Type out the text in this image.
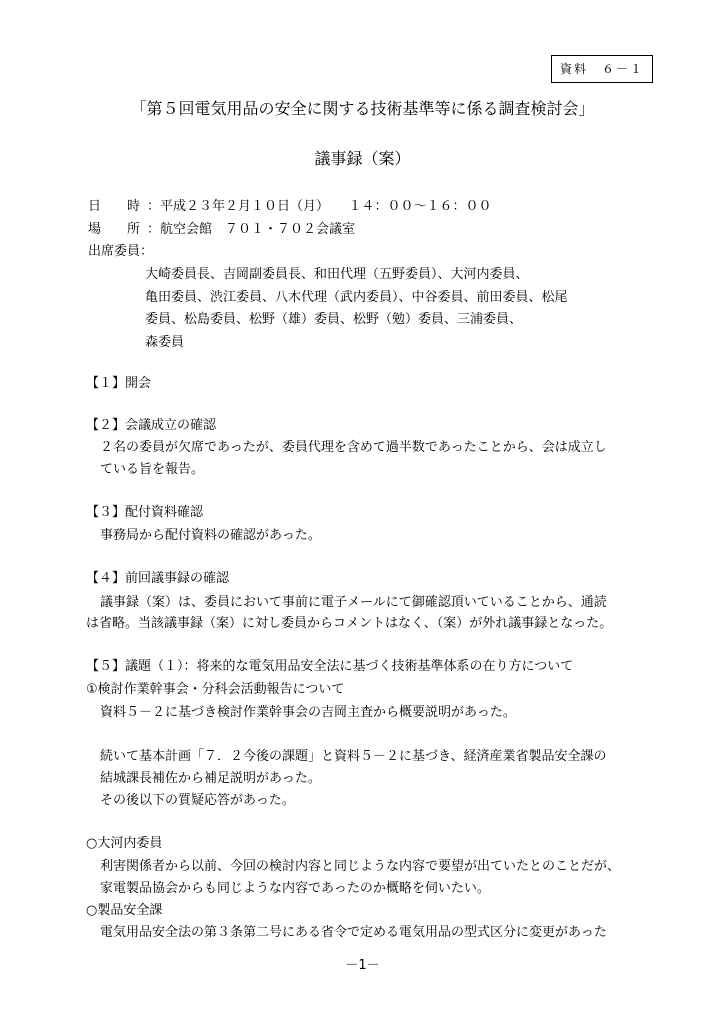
資料　６－１
「第５回電気用品の安全に関する技術基準等に係る調査検討会」
議事録（案）
日　　時 ：平成２３年２月１０日（月）　　１４：００～１６：００
場　　所 ：航空会館　７０１・７０２会議室
出席委員：
大崎委員長、吉岡副委員長、和田代理（五野委員）、大河内委員、
亀田委員、渋江委員、八木代理（武内委員）、中谷委員、前田委員、松尾
委員、松島委員、松野（雄）委員、松野（勉）委員、三浦委員、
森委員
【１】開会
【２】会議成立の確認
２名の委員が欠席であったが、委員代理を含めて過半数であったことから、会は成立し
ている旨を報告。
【３】配付資料確認
事務局から配付資料の確認があった。
【４】前回議事録の確認
議事録（案）は、委員において事前に電子メールにて御確認頂いていることから、通読
は省略。当該議事録（案）に対し委員からコメントはなく、（案）が外れ議事録となった。
【５】議題（１）：将来的な電気用品安全法に基づく技術基準体系の在り方について
①検討作業幹事会・分科会活動報告について
資料５－２に基づき検討作業幹事会の吉岡主査から概要説明があった。
続いて基本計画「７．２今後の課題」と資料５－２に基づき、経済産業省製品安全課の
結城課長補佐から補足説明があった。
その後以下の質疑応答があった。
○大河内委員
利害関係者から以前、今回の検討内容と同じような内容で要望が出ていたとのことだが、
家電製品協会からも同じような内容であったのか概略を伺いたい。
○製品安全課
電気用品安全法の第３条第二号にある省令で定める電気用品の型式区分に変更があった
－1－
